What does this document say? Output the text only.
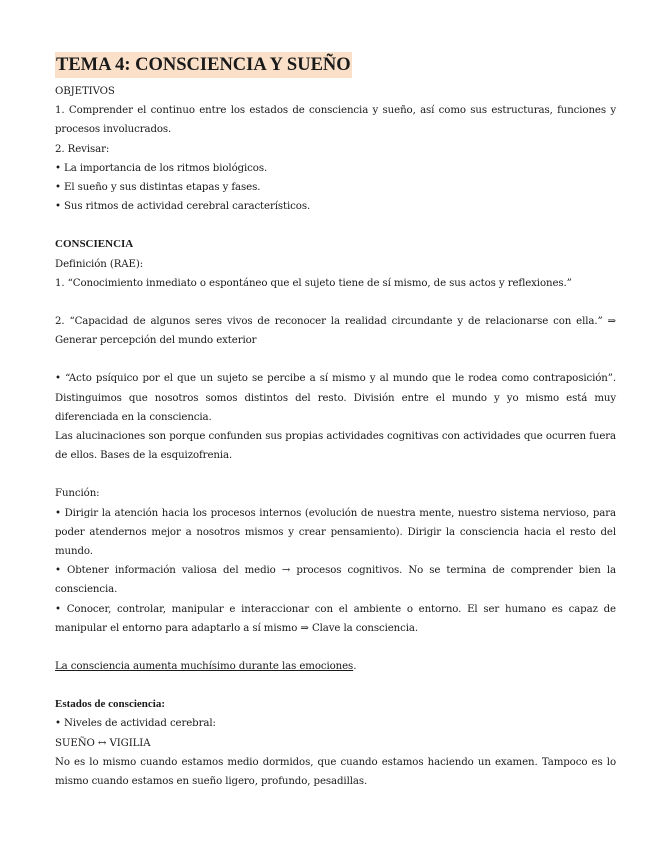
TEMA 4: CONSCIENCIA Y SUEÑO

OBJETIVOS

1. Comprender el continuo entre los estados de consciencia y sueño, así como sus estructuras, funciones y procesos involucrados.

2. Revisar:

• La importancia de los ritmos biológicos.

• El sueño y sus distintas etapas y fases.

• Sus ritmos de actividad cerebral característicos.

CONSCIENCIA

Definición (RAE):

1. “Conocimiento inmediato o espontáneo que el sujeto tiene de sí mismo, de sus actos y reflexiones.”

2. “Capacidad de algunos seres vivos de reconocer la realidad circundante y de relacionarse con ella.” ⇒ Generar percepción del mundo exterior

• “Acto psíquico por el que un sujeto se percibe a sí mismo y al mundo que le rodea como contraposición”. Distinguimos que nosotros somos distintos del resto. División entre el mundo y yo mismo está muy diferenciada en la consciencia.

Las alucinaciones son porque confunden sus propias actividades cognitivas con actividades que ocurren fuera de ellos. Bases de la esquizofrenia.

Función:

• Dirigir la atención hacia los procesos internos (evolución de nuestra mente, nuestro sistema nervioso, para poder atendernos mejor a nosotros mismos y crear pensamiento). Dirigir la consciencia hacia el resto del mundo.

• Obtener información valiosa del medio → procesos cognitivos. No se termina de comprender bien la consciencia.

• Conocer, controlar, manipular e interaccionar con el ambiente o entorno. El ser humano es capaz de manipular el entorno para adaptarlo a sí mismo ⇒ Clave la consciencia.

La consciencia aumenta muchísimo durante las emociones.

Estados de consciencia:

• Niveles de actividad cerebral:

SUEÑO ↔ VIGILIA

No es lo mismo cuando estamos medio dormidos, que cuando estamos haciendo un examen. Tampoco es lo mismo cuando estamos en sueño ligero, profundo, pesadillas.
